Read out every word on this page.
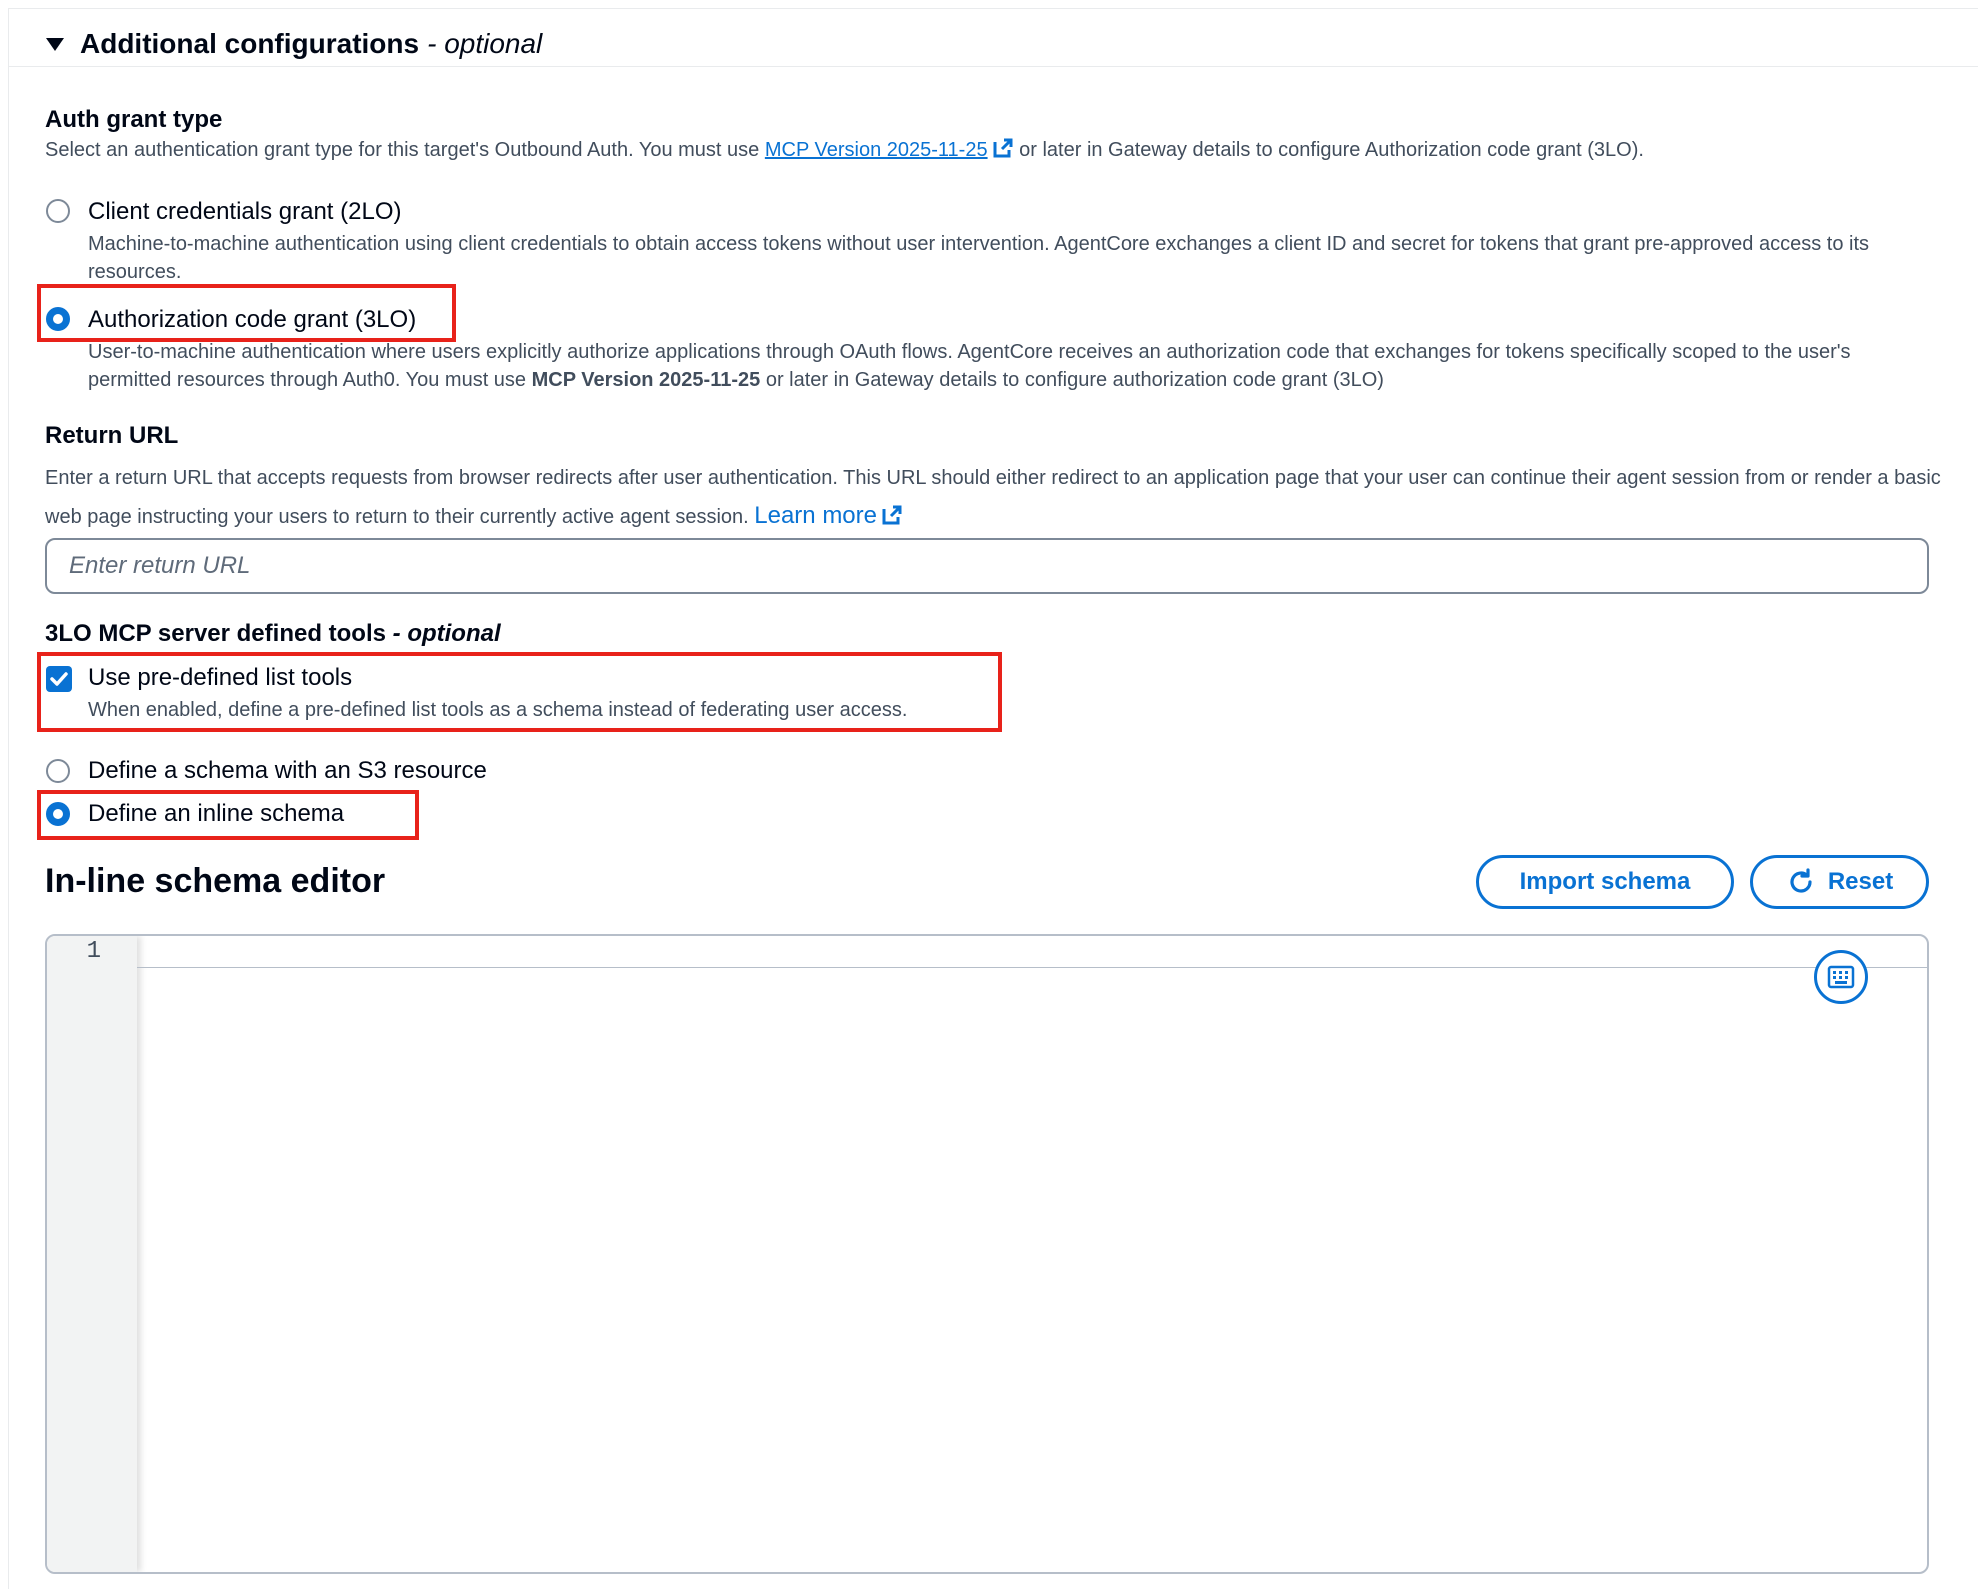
Additional configurations - optional
Auth grant type
Select an authentication grant type for this target's Outbound Auth. You must use MCP Version 2025-11-25 or later in Gateway details to configure Authorization code grant (3LO).
Client credentials grant (2LO)
Machine-to-machine authentication using client credentials to obtain access tokens without user intervention. AgentCore exchanges a client ID and secret for tokens that grant pre-approved access to its resources.
Authorization code grant (3LO)
User-to-machine authentication where users explicitly authorize applications through OAuth flows. AgentCore receives an authorization code that exchanges for tokens specifically scoped to the user's permitted resources through Auth0. You must use MCP Version 2025-11-25 or later in Gateway details to configure authorization code grant (3LO)
Return URL
Enter a return URL that accepts requests from browser redirects after user authentication. This URL should either redirect to an application page that your user can continue their agent session from or render a basic web page instructing your users to return to their currently active agent session. Learn more
Enter return URL
3LO MCP server defined tools - optional
Use pre-defined list tools
When enabled, define a pre-defined list tools as a schema instead of federating user access.
Define a schema with an S3 resource
Define an inline schema
In-line schema editor	Import schema	Reset
1
